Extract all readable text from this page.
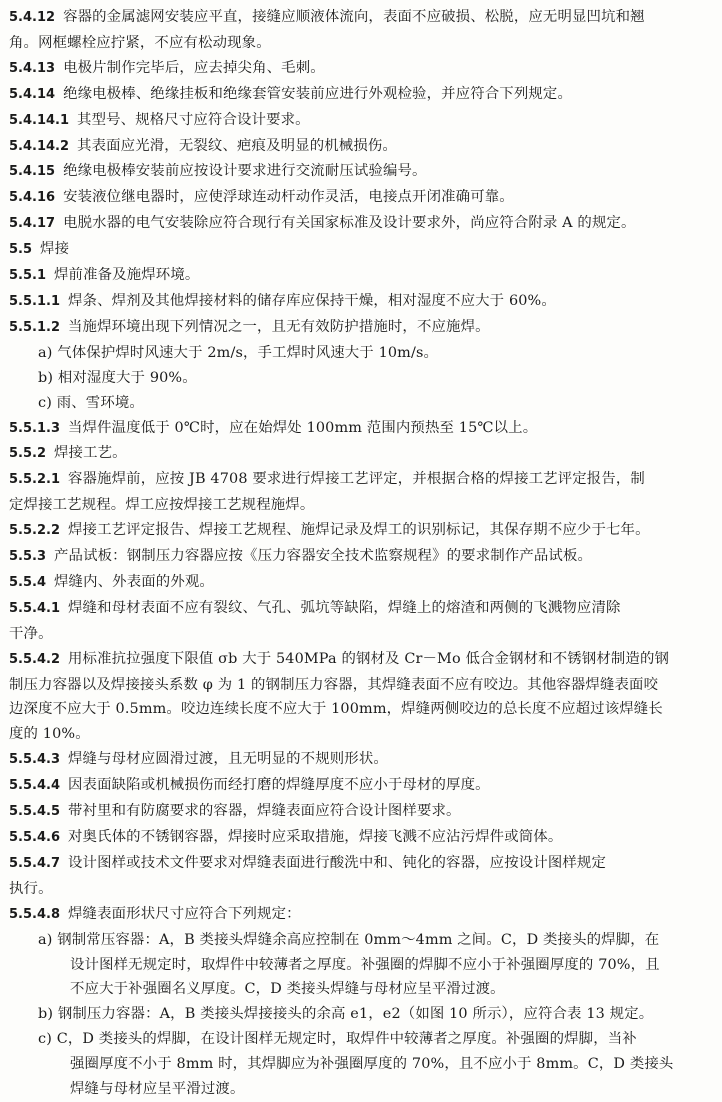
5.4.12 容器的金属滤网安装应平直，接缝应顺液体流向，表面不应破损、松脱，应无明显凹坑和翘

角。网框螺栓应拧紧，不应有松动现象。

5.4.13 电极片制作完毕后，应去掉尖角、毛刺。

5.4.14 绝缘电极棒、绝缘挂板和绝缘套管安装前应进行外观检验，并应符合下列规定。

5.4.14.1 其型号、规格尺寸应符合设计要求。

5.4.14.2 其表面应光滑，无裂纹、疤痕及明显的机械损伤。

5.4.15 绝缘电极棒安装前应按设计要求进行交流耐压试验编号。

5.4.16 安装液位继电器时，应使浮球连动杆动作灵活，电接点开闭准确可靠。

5.4.17 电脱水器的电气安装除应符合现行有关国家标准及设计要求外，尚应符合附录 A 的规定。

5.5 焊接

5.5.1 焊前准备及施焊环境。

5.5.1.1 焊条、焊剂及其他焊接材料的储存库应保持干燥，相对湿度不应大于 60%。

5.5.1.2 当施焊环境出现下列情况之一，且无有效防护措施时，不应施焊。

a) 气体保护焊时风速大于 2m/s，手工焊时风速大于 10m/s。

b) 相对湿度大于 90%。

c) 雨、雪环境。

5.5.1.3 当焊件温度低于 0℃时，应在始焊处 100mm 范围内预热至 15℃以上。

5.5.2 焊接工艺。

5.5.2.1 容器施焊前，应按 JB 4708 要求进行焊接工艺评定，并根据合格的焊接工艺评定报告，制

定焊接工艺规程。焊工应按焊接工艺规程施焊。

5.5.2.2 焊接工艺评定报告、焊接工艺规程、施焊记录及焊工的识别标记，其保存期不应少于七年。

5.5.3 产品试板：钢制压力容器应按《压力容器安全技术监察规程》的要求制作产品试板。

5.5.4 焊缝内、外表面的外观。

5.5.4.1 焊缝和母材表面不应有裂纹、气孔、弧坑等缺陷，焊缝上的熔渣和两侧的飞溅物应清除

干净。

5.5.4.2 用标准抗拉强度下限值 σb 大于 540MPa 的钢材及 Cr－Mo 低合金钢材和不锈钢材制造的钢

制压力容器以及焊接接头系数 φ 为 1 的钢制压力容器，其焊缝表面不应有咬边。其他容器焊缝表面咬

边深度不应大于 0.5mm。咬边连续长度不应大于 100mm，焊缝两侧咬边的总长度不应超过该焊缝长

度的 10%。

5.5.4.3 焊缝与母材应圆滑过渡，且无明显的不规则形状。

5.5.4.4 因表面缺陷或机械损伤而经打磨的焊缝厚度不应小于母材的厚度。

5.5.4.5 带衬里和有防腐要求的容器，焊缝表面应符合设计图样要求。

5.5.4.6 对奥氏体的不锈钢容器，焊接时应采取措施，焊接飞溅不应沾污焊件或筒体。

5.5.4.7 设计图样或技术文件要求对焊缝表面进行酸洗中和、钝化的容器，应按设计图样规定

执行。

5.5.4.8 焊缝表面形状尺寸应符合下列规定：

a) 钢制常压容器：A，B 类接头焊缝余高应控制在 0mm～4mm 之间。C，D 类接头的焊脚，在

设计图样无规定时，取焊件中较薄者之厚度。补强圈的焊脚不应小于补强圈厚度的 70%，且

不应大于补强圈名义厚度。C，D 类接头焊缝与母材应呈平滑过渡。

b) 钢制压力容器：A，B 类接头焊接接头的余高 e1，e2（如图 10 所示），应符合表 13 规定。

c) C，D 类接头的焊脚，在设计图样无规定时，取焊件中较薄者之厚度。补强圈的焊脚，当补

强圈厚度不小于 8mm 时，其焊脚应为补强圈厚度的 70%，且不应小于 8mm。C，D 类接头

焊缝与母材应呈平滑过渡。
